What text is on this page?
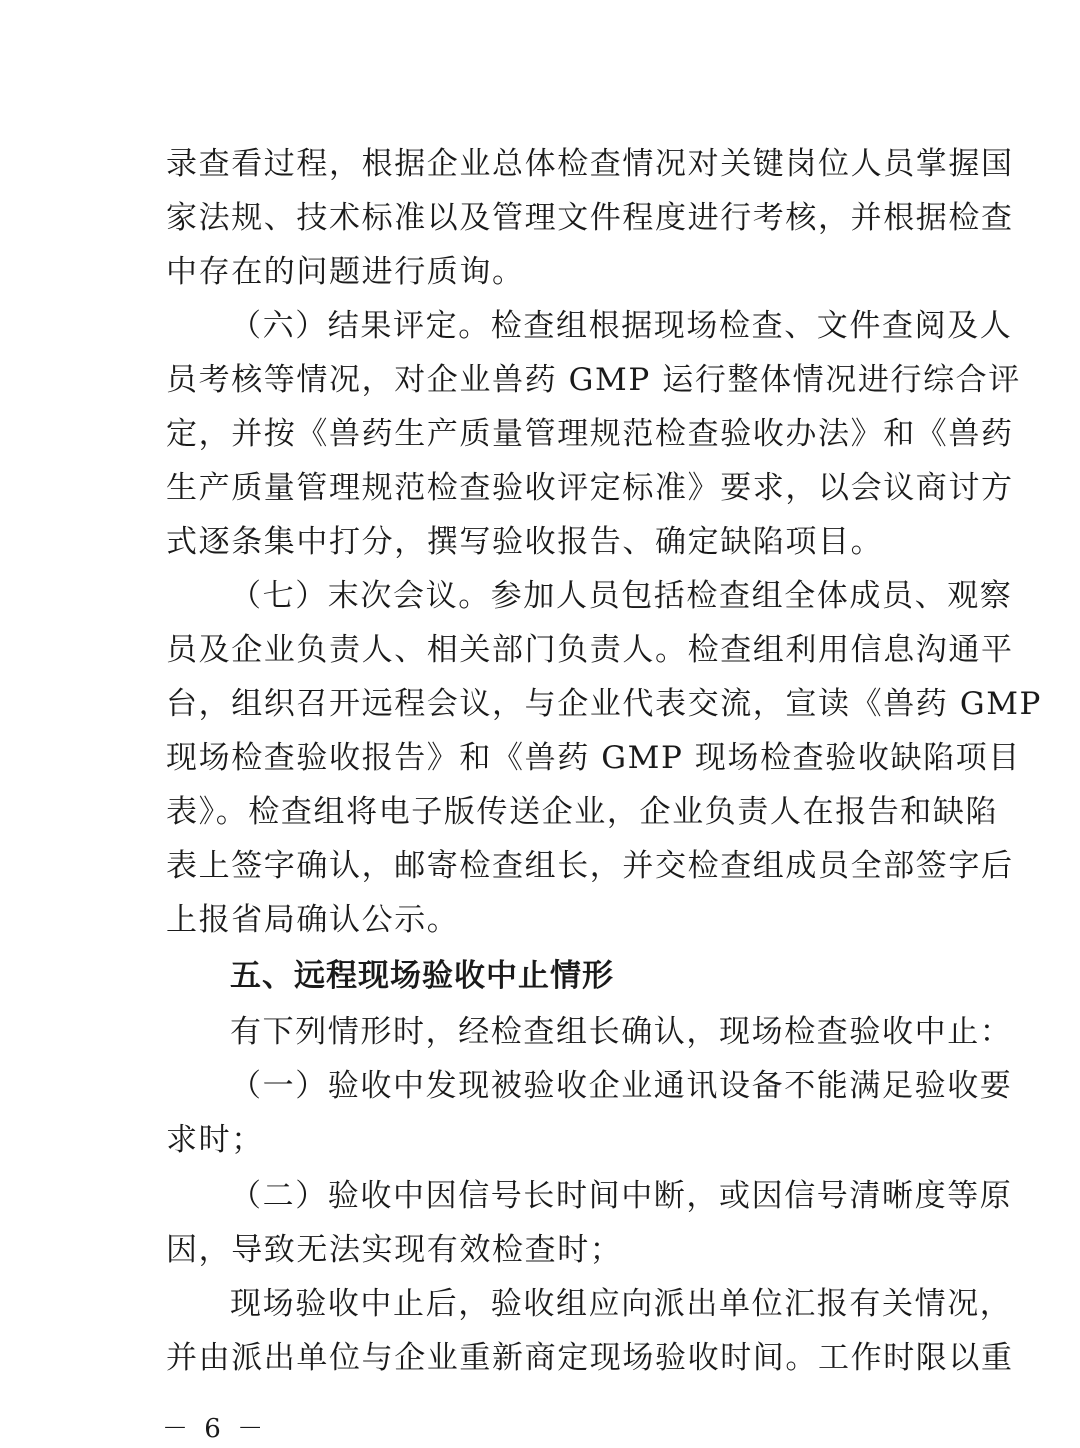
录查看过程，根据企业总体检查情况对关键岗位人员掌握国
家法规、技术标准以及管理文件程度进行考核，并根据检查
中存在的问题进行质询。
（六）结果评定。检查组根据现场检查、文件查阅及人
员考核等情况，对企业兽药 GMP 运行整体情况进行综合评
定，并按《兽药生产质量管理规范检查验收办法》和《兽药
生产质量管理规范检查验收评定标准》要求，以会议商讨方
式逐条集中打分，撰写验收报告、确定缺陷项目。
（七）末次会议。参加人员包括检查组全体成员、观察
员及企业负责人、相关部门负责人。检查组利用信息沟通平
台，组织召开远程会议，与企业代表交流，宣读《兽药 GMP
现场检查验收报告》和《兽药 GMP 现场检查验收缺陷项目
表》。检查组将电子版传送企业，企业负责人在报告和缺陷
表上签字确认，邮寄检查组长，并交检查组成员全部签字后
上报省局确认公示。
五、远程现场验收中止情形
有下列情形时，经检查组长确认，现场检查验收中止：
（一）验收中发现被验收企业通讯设备不能满足验收要
求时；
（二）验收中因信号长时间中断，或因信号清晰度等原
因，导致无法实现有效检查时；
现场验收中止后，验收组应向派出单位汇报有关情况，
并由派出单位与企业重新商定现场验收时间。工作时限以重
－ 6 －
